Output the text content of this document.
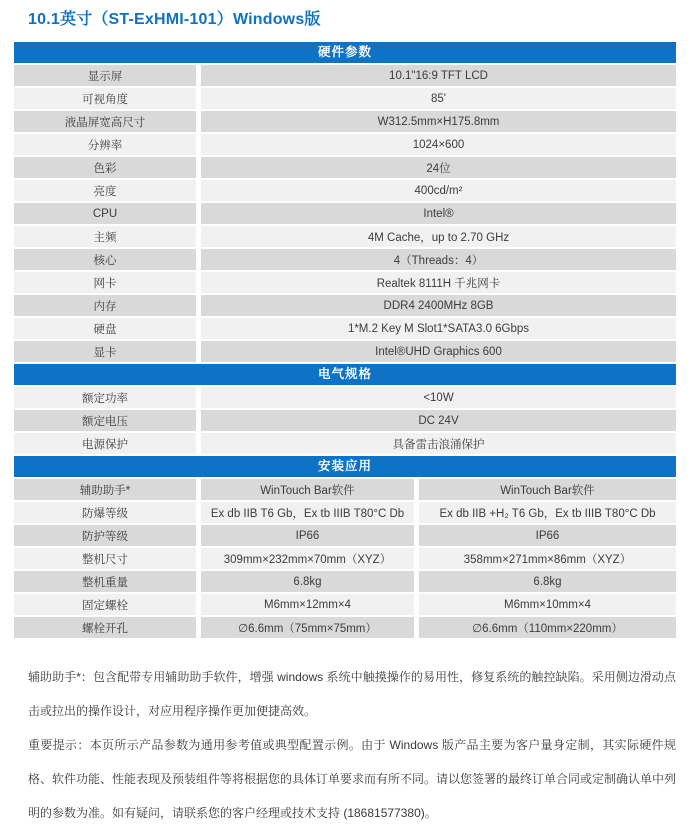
10.1英寸（ST-ExHMI-101）Windows版
硬件参数
显示屏	10.1"16:9 TFT LCD
可视角度	85'
液晶屏宽高尺寸	W312.5mm×H175.8mm
分辨率	1024×600
色彩	24位
亮度	400cd/m²
CPU	Intel®
主频	4M Cache，up to 2.70 GHz
核心	4（Threads：4）
网卡	Realtek 8111H 千兆网卡
内存	DDR4 2400MHz 8GB
硬盘	1*M.2 Key M Slot1*SATA3.0 6Gbps
显卡	Intel®UHD Graphics 600
电气规格
额定功率	<10W
额定电压	DC 24V
电源保护	具备雷击浪涌保护
安装应用
辅助助手*	WinTouch Bar软件	WinTouch Bar软件
防爆等级	Ex db IIB T6 Gb，Ex tb IIIB T80°C Db	Ex db IIB +H₂ T6 Gb，Ex tb IIIB T80°C Db
防护等级	IP66	IP66
整机尺寸	309mm×232mm×70mm（XYZ）	358mm×271mm×86mm（XYZ）
整机重量	6.8kg	6.8kg
固定螺栓	M6mm×12mm×4	M6mm×10mm×4
螺栓开孔	∅6.6mm（75mm×75mm）	∅6.6mm（110mm×220mm）

辅助助手*：包含配带专用辅助助手软件，增强 windows 系统中触摸操作的易用性，修复系统的触控缺陷。采用侧边滑动点击或拉出的操作设计，对应用程序操作更加便捷高效。

重要提示：本页所示产品参数为通用参考值或典型配置示例。由于 Windows 版产品主要为客户量身定制，其实际硬件规格、软件功能、性能表现及预装组件等将根据您的具体订单要求而有所不同。请以您签署的最终订单合同或定制确认单中列明的参数为准。如有疑问，请联系您的客户经理或技术支持 (18681577380)。
